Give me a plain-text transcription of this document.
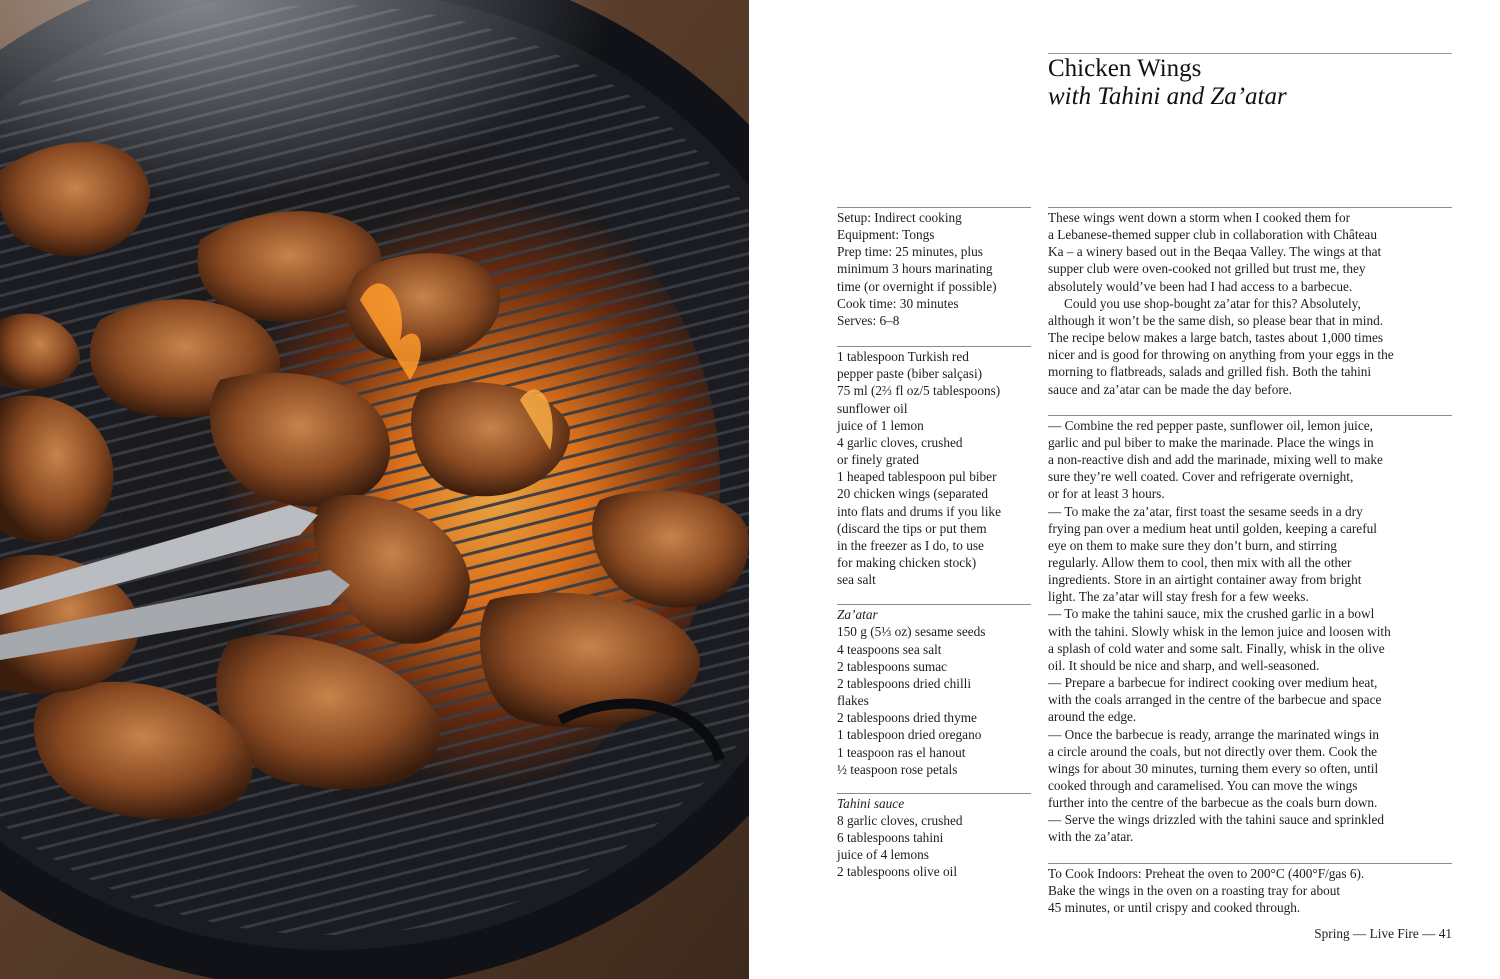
Chicken Wings
with Tahini and Za’atar
Setup: Indirect cooking
Equipment: Tongs
Prep time: 25 minutes, plus
minimum 3 hours marinating
time (or overnight if possible)
Cook time: 30 minutes
Serves: 6–8
1 tablespoon Turkish red
pepper paste (biber salçasi)
75 ml (2⅔ fl oz/5 tablespoons)
sunflower oil
juice of 1 lemon
4 garlic cloves, crushed
or finely grated
1 heaped tablespoon pul biber
20 chicken wings (separated
into flats and drums if you like
(discard the tips or put them
in the freezer as I do, to use
for making chicken stock)
sea salt
Za’atar
150 g (5⅓ oz) sesame seeds
4 teaspoons sea salt
2 tablespoons sumac
2 tablespoons dried chilli
flakes
2 tablespoons dried thyme
1 tablespoon dried oregano
1 teaspoon ras el hanout
½ teaspoon rose petals
Tahini sauce
8 garlic cloves, crushed
6 tablespoons tahini
juice of 4 lemons
2 tablespoons olive oil
These wings went down a storm when I cooked them for
a Lebanese-themed supper club in collaboration with Château
Ka – a winery based out in the Beqaa Valley. The wings at that
supper club were oven-cooked not grilled but trust me, they
absolutely would’ve been had I had access to a barbecue.
Could you use shop-bought za’atar for this? Absolutely,
although it won’t be the same dish, so please bear that in mind.
The recipe below makes a large batch, tastes about 1,000 times
nicer and is good for throwing on anything from your eggs in the
morning to flatbreads, salads and grilled fish. Both the tahini
sauce and za’atar can be made the day before.
— Combine the red pepper paste, sunflower oil, lemon juice,
garlic and pul biber to make the marinade. Place the wings in
a non-reactive dish and add the marinade, mixing well to make
sure they’re well coated. Cover and refrigerate overnight,
or for at least 3 hours.
— To make the za’atar, first toast the sesame seeds in a dry
frying pan over a medium heat until golden, keeping a careful
eye on them to make sure they don’t burn, and stirring
regularly. Allow them to cool, then mix with all the other
ingredients. Store in an airtight container away from bright
light. The za’atar will stay fresh for a few weeks.
— To make the tahini sauce, mix the crushed garlic in a bowl
with the tahini. Slowly whisk in the lemon juice and loosen with
a splash of cold water and some salt. Finally, whisk in the olive
oil. It should be nice and sharp, and well-seasoned.
— Prepare a barbecue for indirect cooking over medium heat,
with the coals arranged in the centre of the barbecue and space
around the edge.
— Once the barbecue is ready, arrange the marinated wings in
a circle around the coals, but not directly over them. Cook the
wings for about 30 minutes, turning them every so often, until
cooked through and caramelised. You can move the wings
further into the centre of the barbecue as the coals burn down.
— Serve the wings drizzled with the tahini sauce and sprinkled
with the za’atar.
To Cook Indoors: Preheat the oven to 200°C (400°F/gas 6).
Bake the wings in the oven on a roasting tray for about
45 minutes, or until crispy and cooked through.
Spring — Live Fire — 41
